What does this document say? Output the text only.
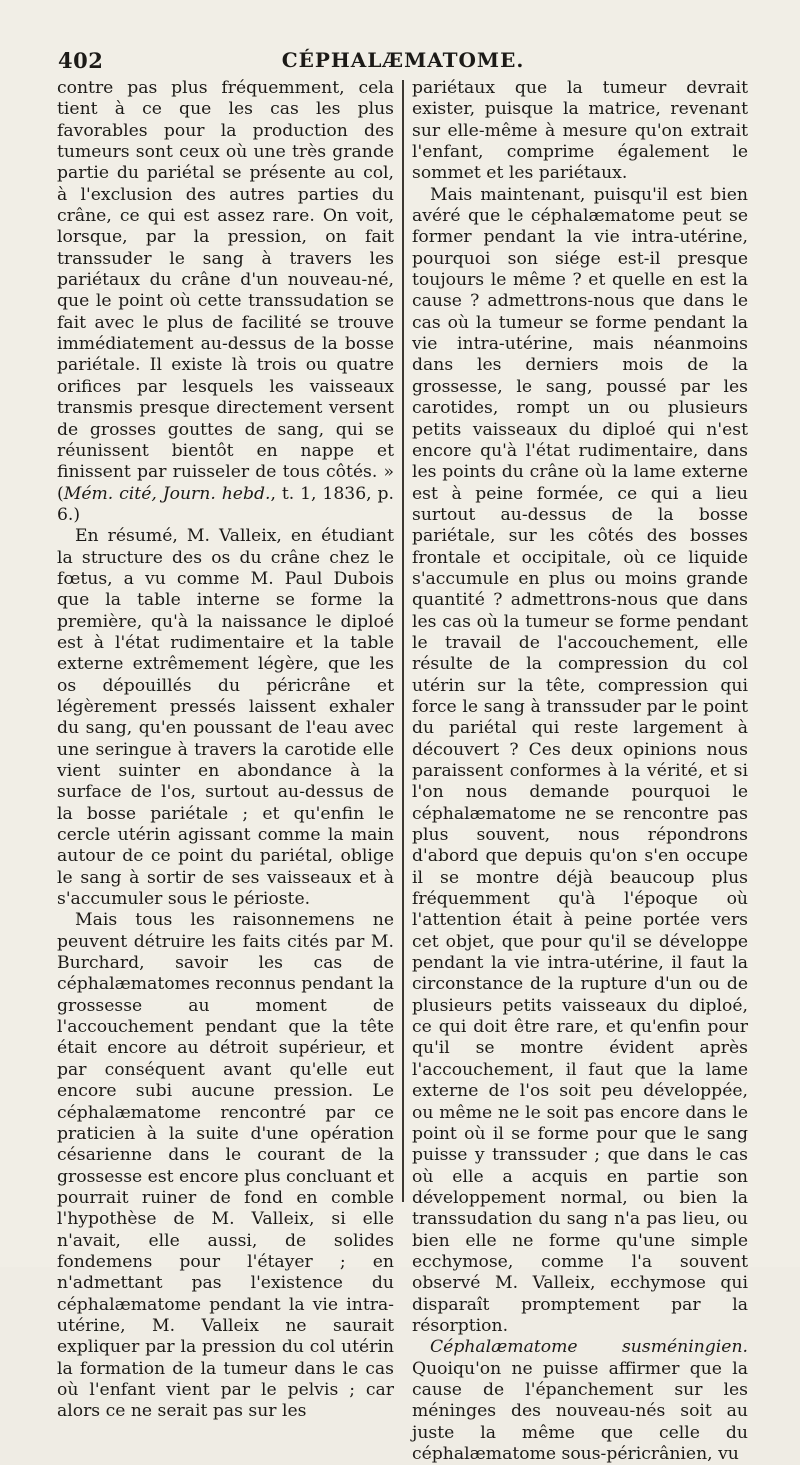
402	CÉPHALÆMATOME.

contre pas plus fréquemment, cela tient à ce que les cas les plus favorables pour la production des tumeurs sont ceux où une très grande partie du pariétal se présente au col, à l'exclusion des autres parties du crâne, ce qui est assez rare. On voit, lorsque, par la pression, on fait transsuder le sang à travers les pariétaux du crâne d'un nouveau-né, que le point où cette transsudation se fait avec le plus de facilité se trouve immédiatement au-dessus de la bosse pariétale. Il existe là trois ou quatre orifices par lesquels les vaisseaux transmis presque directement versent de grosses gouttes de sang, qui se réunissent bientôt en nappe et finissent par ruisseler de tous côtés. » (Mém. cité, Journ. hebd., t. 1, 1836, p. 6.)

En résumé, M. Valleix, en étudiant la structure des os du crâne chez le fœtus, a vu comme M. Paul Dubois que la table interne se forme la première, qu'à la naissance le diploé est à l'état rudimentaire et la table externe extrêmement légère, que les os dépouillés du péricrâne et légèrement pressés laissent exhaler du sang, qu'en poussant de l'eau avec une seringue à travers la carotide elle vient suinter en abondance à la surface de l'os, surtout au-dessus de la bosse pariétale ; et qu'enfin le cercle utérin agissant comme la main autour de ce point du pariétal, oblige le sang à sortir de ses vaisseaux et à s'accumuler sous le périoste.

Mais tous les raisonnemens ne peuvent détruire les faits cités par M. Burchard, savoir les cas de céphalæmatomes reconnus pendant la grossesse au moment de l'accouchement pendant que la tête était encore au détroit supérieur, et par conséquent avant qu'elle eut encore subi aucune pression. Le céphalæmatome rencontré par ce praticien à la suite d'une opération césarienne dans le courant de la grossesse est encore plus concluant et pourrait ruiner de fond en comble l'hypothèse de M. Valleix, si elle n'avait, elle aussi, de solides fondemens pour l'étayer ; en n'admettant pas l'existence du céphalæmatome pendant la vie intra-utérine, M. Valleix ne saurait expliquer par la pression du col utérin la formation de la tumeur dans le cas où l'enfant vient par le pelvis ; car alors ce ne serait pas sur les

pariétaux que la tumeur devrait exister, puisque la matrice, revenant sur elle-même à mesure qu'on extrait l'enfant, comprime également le sommet et les pariétaux.

Mais maintenant, puisqu'il est bien avéré que le céphalæmatome peut se former pendant la vie intra-utérine, pourquoi son siége est-il presque toujours le même ? et quelle en est la cause ? admettrons-nous que dans le cas où la tumeur se forme pendant la vie intra-utérine, mais néanmoins dans les derniers mois de la grossesse, le sang, poussé par les carotides, rompt un ou plusieurs petits vaisseaux du diploé qui n'est encore qu'à l'état rudimentaire, dans les points du crâne où la lame externe est à peine formée, ce qui a lieu surtout au-dessus de la bosse pariétale, sur les côtés des bosses frontale et occipitale, où ce liquide s'accumule en plus ou moins grande quantité ? admettrons-nous que dans les cas où la tumeur se forme pendant le travail de l'accouchement, elle résulte de la compression du col utérin sur la tête, compression qui force le sang à transsuder par le point du pariétal qui reste largement à découvert ? Ces deux opinions nous paraissent conformes à la vérité, et si l'on nous demande pourquoi le céphalæmatome ne se rencontre pas plus souvent, nous répondrons d'abord que depuis qu'on s'en occupe il se montre déjà beaucoup plus fréquemment qu'à l'époque où l'attention était à peine portée vers cet objet, que pour qu'il se développe pendant la vie intra-utérine, il faut la circonstance de la rupture d'un ou de plusieurs petits vaisseaux du diploé, ce qui doit être rare, et qu'enfin pour qu'il se montre évident après l'accouchement, il faut que la lame externe de l'os soit peu développée, ou même ne le soit pas encore dans le point où il se forme pour que le sang puisse y transsuder ; que dans le cas où elle a acquis en partie son développement normal, ou bien la transsudation du sang n'a pas lieu, ou bien elle ne forme qu'une simple ecchymose, comme l'a souvent observé M. Valleix, ecchymose qui disparaît promptement par la résorption.

Céphalæmatome susméningien. Quoiqu'on ne puisse affirmer que la cause de l'épanchement sur les méninges des nouveau-nés soit au juste la même que celle du céphalæmatome sous-péricrânien, vu
